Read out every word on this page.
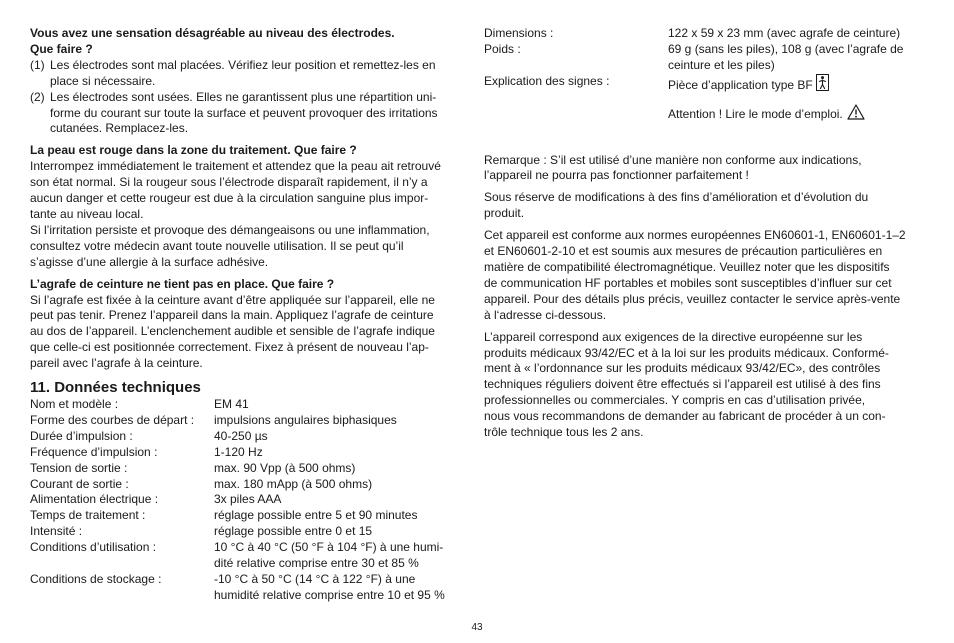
Vous avez une sensation désagréable au niveau des électrodes.
Que faire ?
(1) Les électrodes sont mal placées. Vérifiez leur position et remettez-les en
place si nécessaire.
(2) Les électrodes sont usées. Elles ne garantissent plus une répartition uni-
forme du courant sur toute la surface et peuvent provoquer des irritations
cutanées. Remplacez-les.
La peau est rouge dans la zone du traitement. Que faire ?
Interrompez immédiatement le traitement et attendez que la peau ait retrouvé
son état normal. Si la rougeur sous l’électrode disparaît rapidement, il n’y a
aucun danger et cette rougeur est due à la circulation sanguine plus impor-
tante au niveau local.
Si l’irritation persiste et provoque des démangeaisons ou une inflammation,
consultez votre médecin avant toute nouvelle utilisation. Il se peut qu’il
s’agisse d’une allergie à la surface adhésive.
L’agrafe de ceinture ne tient pas en place. Que faire ?
Si l’agrafe est fixée à la ceinture avant d’être appliquée sur l’appareil, elle ne
peut pas tenir. Prenez l’appareil dans la main. Appliquez l’agrafe de ceinture
au dos de l’appareil. L’enclenchement audible et sensible de l’agrafe indique
que celle-ci est positionnée correctement. Fixez à présent de nouveau l’ap-
pareil avec l’agrafe à la ceinture.
11. Données techniques
Nom et modèle :	EM 41
Forme des courbes de départ :	impulsions angulaires biphasiques
Durée d’impulsion :	40-250 µs
Fréquence d’impulsion :	1-120 Hz
Tension de sortie :	max. 90 Vpp (à 500 ohms)
Courant de sortie :	max. 180 mApp (à 500 ohms)
Alimentation électrique :	3x piles AAA
Temps de traitement :	réglage possible entre 5 et 90 minutes
Intensité :	réglage possible entre 0 et 15
Conditions d’utilisation :	10 °C à 40 °C (50 °F à 104 °F) à une humi-
dité relative comprise entre 30 et 85 %
Conditions de stockage :	-10 °C à 50 °C (14 °C à 122 °F) à une
humidité relative comprise entre 10 et 95 %
Dimensions :	122 x 59 x 23 mm (avec agrafe de ceinture)
Poids :	69 g (sans les piles), 108 g (avec l’agrafe de
ceinture et les piles)
Explication des signes :	Pièce d’application type BF
Attention ! Lire le mode d’emploi.

Remarque : S’il est utilisé d’une manière non conforme aux indications,
l’appareil ne pourra pas fonctionner parfaitement !

Sous réserve de modifications à des fins d’amélioration et d’évolution du
produit.

Cet appareil est conforme aux normes européennes EN60601-1, EN60601-1–2
et EN60601-2-10 et est soumis aux mesures de précaution particulières en
matière de compatibilité électromagnétique. Veuillez noter que les dispositifs
de communication HF portables et mobiles sont susceptibles d’influer sur cet
appareil. Pour des détails plus précis, veuillez contacter le service après-vente
à l‘adresse ci-dessous.

L’appareil correspond aux exigences de la directive européenne sur les
produits médicaux 93/42/EC et à la loi sur les produits médicaux. Conformé-
ment à « l’ordonnance sur les produits médicaux 93/42/EC», des contrôles
techniques réguliers doivent être effectués si l’appareil est utilisé à des fins
professionnelles ou commerciales. Y compris en cas d’utilisation privée,
nous vous recommandons de demander au fabricant de procéder à un con-
trôle technique tous les 2 ans.

43
